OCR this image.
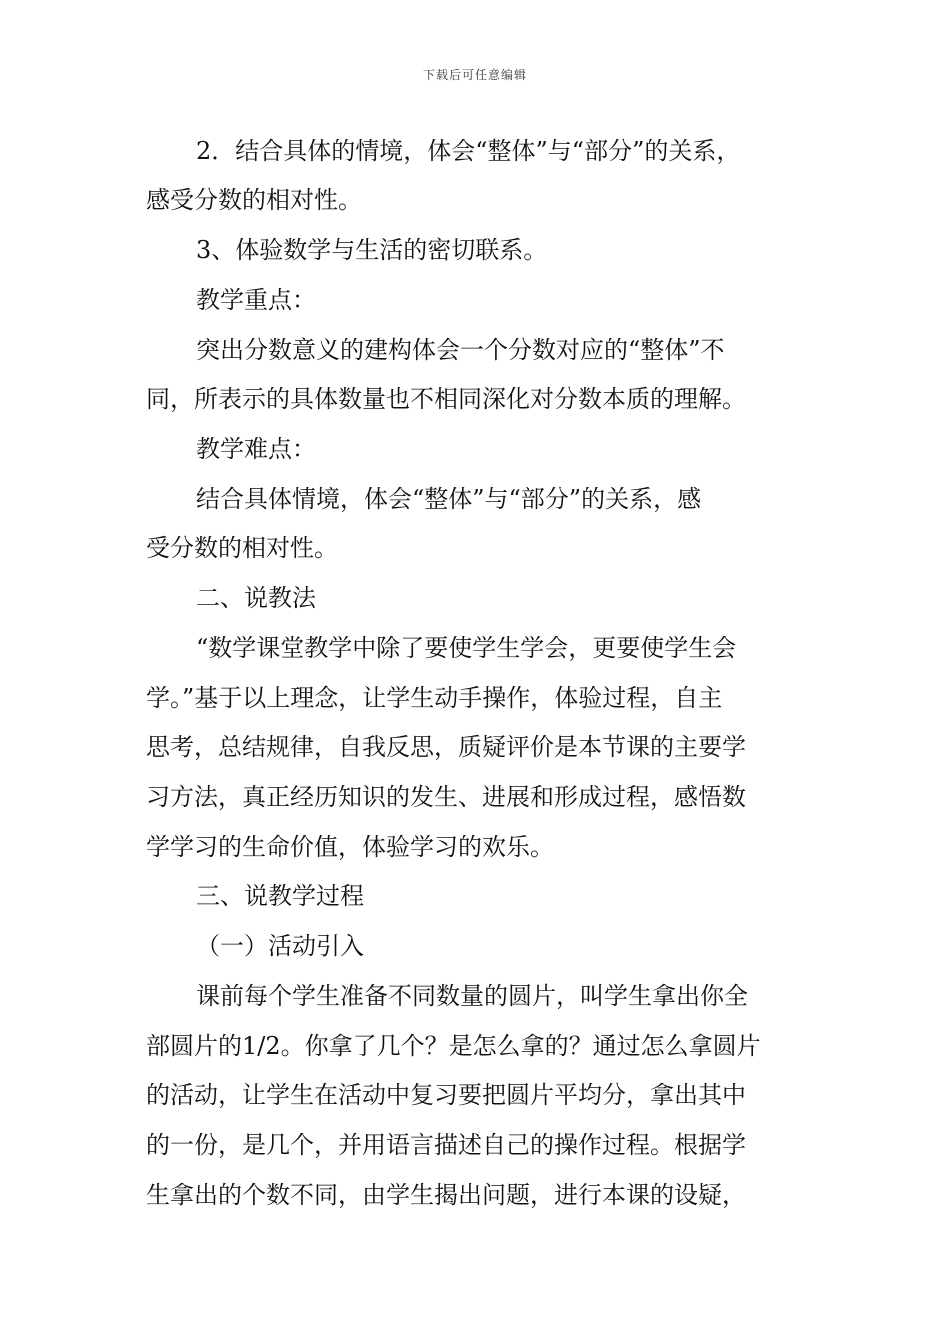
下载后可任意编辑
2．结合具体的情境，体会“整体”与“部分”的关系，
感受分数的相对性。
3、体验数学与生活的密切联系。
教学重点：
突出分数意义的建构体会一个分数对应的“整体”不
同，所表示的具体数量也不相同深化对分数本质的理解。
教学难点：
结合具体情境，体会“整体”与“部分”的关系，感
受分数的相对性。
二、说教法
“数学课堂教学中除了要使学生学会，更要使学生会
学。”基于以上理念，让学生动手操作，体验过程，自主
思考，总结规律，自我反思，质疑评价是本节课的主要学
习方法，真正经历知识的发生、进展和形成过程，感悟数
学学习的生命价值，体验学习的欢乐。
三、说教学过程
（一）活动引入
课前每个学生准备不同数量的圆片，叫学生拿出你全
部圆片的1/2。你拿了几个？是怎么拿的？通过怎么拿圆片
的活动，让学生在活动中复习要把圆片平均分，拿出其中
的一份，是几个，并用语言描述自己的操作过程。根据学
生拿出的个数不同，由学生揭出问题，进行本课的设疑，
